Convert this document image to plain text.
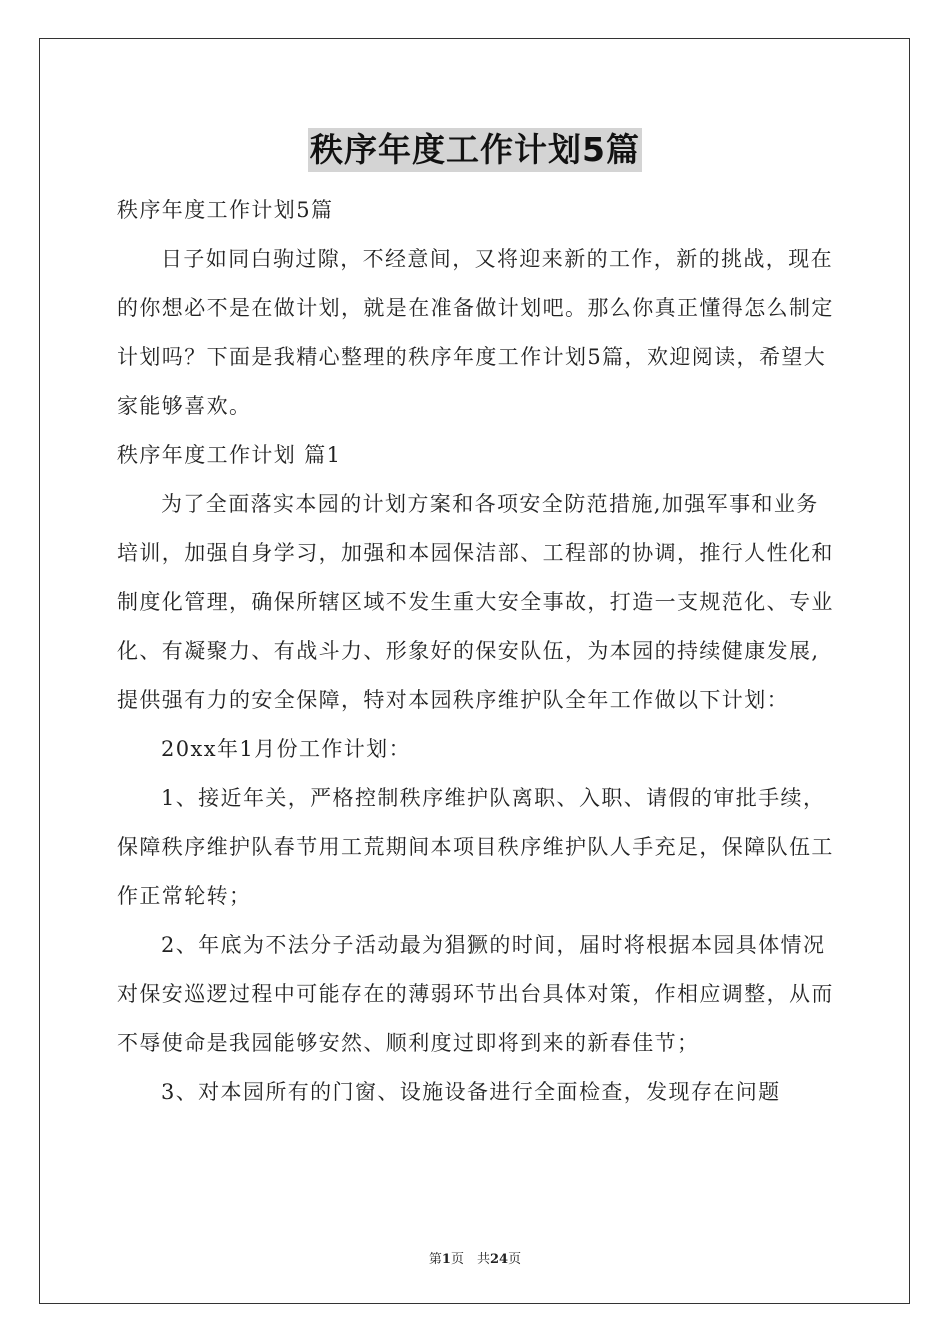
秩序年度工作计划5篇

秩序年度工作计划5篇

日子如同白驹过隙，不经意间，又将迎来新的工作，新的挑战，现在的你想必不是在做计划，就是在准备做计划吧。那么你真正懂得怎么制定计划吗？下面是我精心整理的秩序年度工作计划5篇，欢迎阅读，希望大家能够喜欢。

秩序年度工作计划 篇1

为了全面落实本园的计划方案和各项安全防范措施,加强军事和业务培训，加强自身学习，加强和本园保洁部、工程部的协调，推行人性化和制度化管理，确保所辖区域不发生重大安全事故，打造一支规范化、专业化、有凝聚力、有战斗力、形象好的保安队伍，为本园的持续健康发展,提供强有力的安全保障，特对本园秩序维护队全年工作做以下计划：

20xx年1月份工作计划：

1、接近年关，严格控制秩序维护队离职、入职、请假的审批手续，保障秩序维护队春节用工荒期间本项目秩序维护队人手充足，保障队伍工作正常轮转；

2、年底为不法分子活动最为猖獗的时间，届时将根据本园具体情况对保安巡逻过程中可能存在的薄弱环节出台具体对策，作相应调整，从而不辱使命是我园能够安然、顺利度过即将到来的新春佳节；

3、对本园所有的门窗、设施设备进行全面检查，发现存在问题

第1页　共24页
